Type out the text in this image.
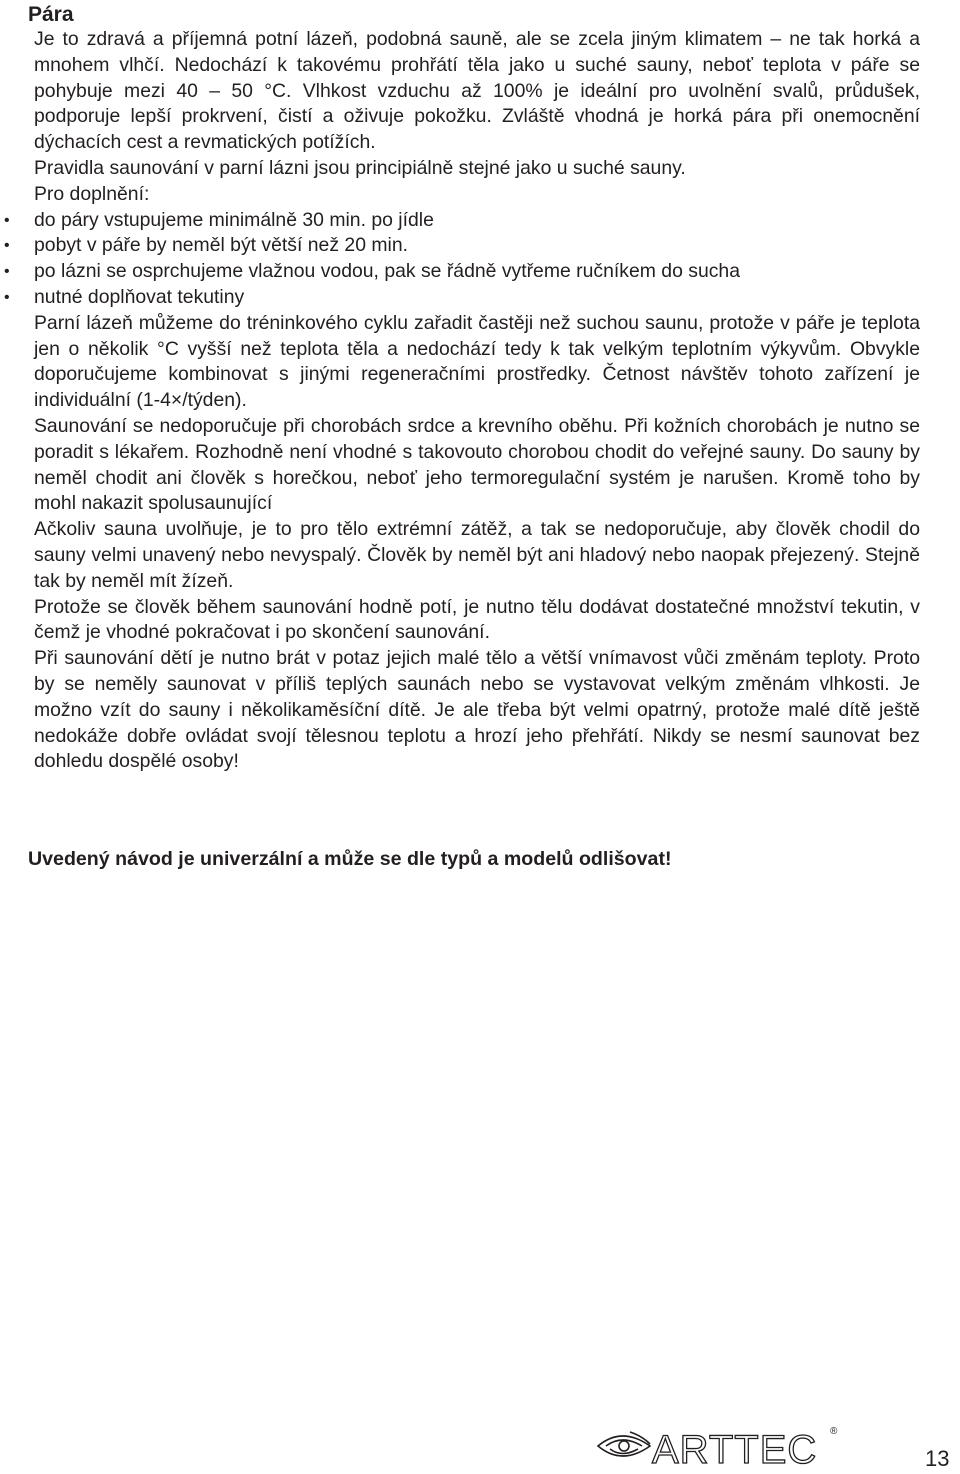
Pára

Je to zdravá a příjemná potní lázeň, podobná sauně, ale se zcela jiným klimatem – ne tak horká a mnohem vlhčí. Nedochází k takovému prohřátí těla jako u suché sauny, neboť teplota v páře se pohybuje mezi 40 – 50 °C. Vlhkost vzduchu až 100% je ideální pro uvolnění svalů, průdušek, podporuje lepší prokrvení, čistí a oživuje pokožku. Zvláště vhodná je horká pára při onemocnění dýchacích cest a revmatických potížích.

Pravidla saunování v parní lázni jsou principiálně stejné jako u suché sauny.

Pro doplnění:

• do páry vstupujeme minimálně 30 min. po jídle
• pobyt v páře by neměl být větší než 20 min.
• po lázni se osprchujeme vlažnou vodou, pak se řádně vytřeme ručníkem do sucha
• nutné doplňovat tekutiny

Parní lázeň můžeme do tréninkového cyklu zařadit častěji než suchou saunu, protože v páře je teplota jen o několik °C vyšší než teplota těla a nedochází tedy k tak velkým teplotním výkyvům. Obvykle doporučujeme kombinovat s jinými regeneračními prostředky. Četnost návštěv tohoto zařízení je individuální (1-4×/týden).

Saunování se nedoporučuje při chorobách srdce a krevního oběhu. Při kožních chorobách je nutno se poradit s lékařem. Rozhodně není vhodné s takovouto chorobou chodit do veřejné sauny. Do sauny by neměl chodit ani člověk s horečkou, neboť jeho termoregulační systém je narušen. Kromě toho by mohl nakazit spolusaunující

Ačkoliv sauna uvolňuje, je to pro tělo extrémní zátěž, a tak se nedoporučuje, aby člověk chodil do sauny velmi unavený nebo nevyspalý. Člověk by neměl být ani hladový nebo naopak přejezený. Stejně tak by neměl mít žízeň.

Protože se člověk během saunování hodně potí, je nutno tělu dodávat dostatečné množství tekutin, v čemž je vhodné pokračovat i po skončení saunování.

Při saunování dětí je nutno brát v potaz jejich malé tělo a větší vnímavost vůči změnám teploty. Proto by se neměly saunovat v příliš teplých saunách nebo se vystavovat velkým změnám vlhkosti. Je možno vzít do sauny i několikaměsíční dítě. Je ale třeba být velmi opatrný, protože malé dítě ještě nedokáže dobře ovládat svojí tělesnou teplotu a hrozí jeho přehřátí. Nikdy se nesmí saunovat bez dohledu dospělé osoby!

Uvedený návod je univerzální a může se dle typů a modelů odlišovat!

ARTTEC ®
13
